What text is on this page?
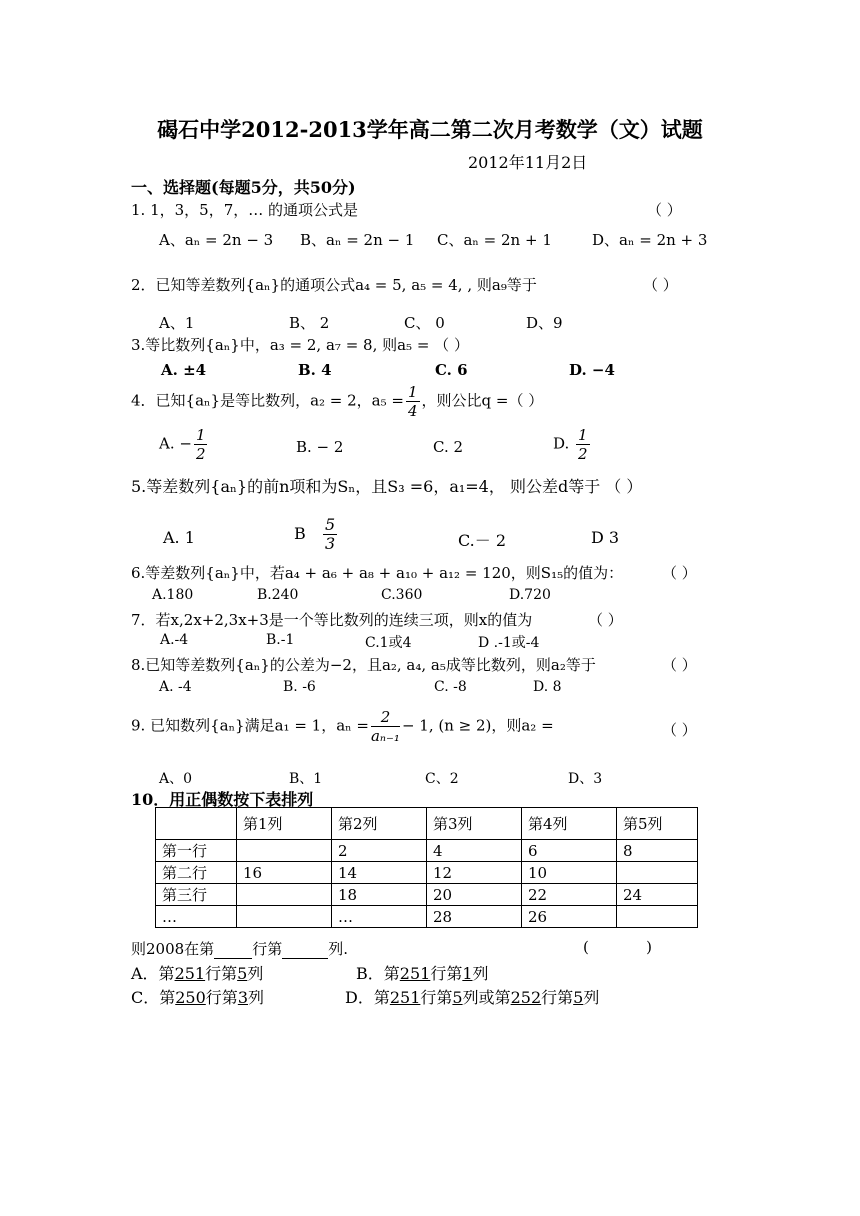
碣石中学2012-2013学年高二第二次月考数学（文）试题
2012年11月2日
一、选择题(每题5分，共50分)
1. 1，3，5，7，… 的通项公式是	（ ）
A、aₙ = 2n − 3 B、aₙ = 2n − 1 C、aₙ = 2n + 1	D、aₙ = 2n + 3
2．已知等差数列{aₙ}的通项公式a₄ = 5, a₅ = 4, , 则a₉等于	（ ）
A、1	B、 2	C、 0	D、9
3.等比数列{aₙ}中，a₃ = 2, a₇ = 8, 则a₅ = （ ）
A. ±4	B. 4	C. 6	D. −4
4．已知{aₙ}是等比数列，a₂ = 2，$a_5 = \frac{1}{4}$ ，则公比q =（ ）
A. − $\frac{1}{2}$	B. − 2	C. 2	D. $\frac{1}{2}$
5.等差数列{aₙ}的前n项和为Sₙ，且S₃ =6，a₁=4， 则公差d等于 （ ）
A. 1	B $\frac{5}{3}$	C.－ 2	D 3
6.等差数列{aₙ}中，若a₄ + a₆ + a₈ + a₁₀ + a₁₂ = 120，则S₁₅的值为：	（ ）
A.180	B.240	C.360	D.720
7．若x,2x+2,3x+3是一个等比数列的连续三项，则x的值为	（ ）
A.-4	B.-1	C.1或4	D .-1或-4
8.已知等差数列{aₙ}的公差为−2，且a₂, a₄, a₅成等比数列，则a₂等于	（ ）
A. -4	B. -6	C. -8	D. 8
9. 已知数列{aₙ}满足a₁ = 1，$a_n = \frac{2}{\text{aₙ₋₁}} - 1$, (n ≥ 2)，则a₂ =	（ ）
A、0	B、1	C、2	D、3
10．用正偶数按下表排列
	第1列	第2列	第3列	第4列	第5列
第一行		2	4	6	8
第二行	16	14	12	10	
第三行		18	20	22	24
…		…	28	26	
则2008在第	行第	列.	(            )
A．第251行第5列	B．第251行第1列
C．第250行第3列	D．第251行第5列或第252行第5列
